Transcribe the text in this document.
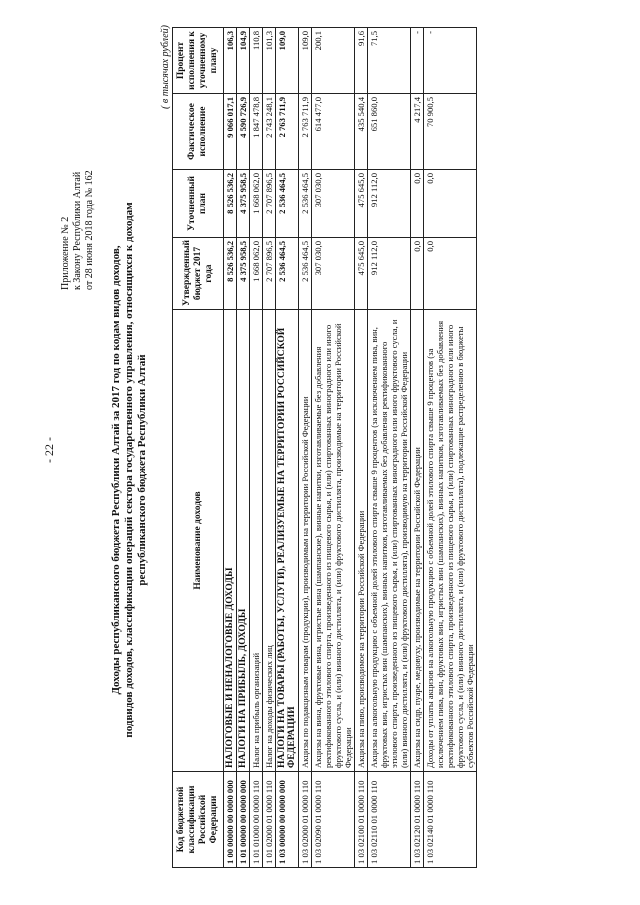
- 22 -
Приложение № 2 к Закону Республики Алтай от 28 июня 2018 года № 162
Доходы республиканского бюджета Республики Алтай за 2017 год по кодам видов доходов, подвидов доходов, классификации операций сектора государственного управления, относящихся к доходам республиканского бюджета Республики Алтай
( в тысячах рублей)
Код бюджетной классификации Российской Федерации	Наименование доходов	Утвержденный бюджет 2017 года	Уточненный план	Фактическое исполнение	Процент исполнения к уточненному плану
1 00 00000 00 0000 000	НАЛОГОВЫЕ И НЕНАЛОГОВЫЕ ДОХОДЫ	8 526 536,2	8 526 536,2	9 066 017,1	106,3
1 01 00000 00 0000 000	НАЛОГИ НА ПРИБЫЛЬ, ДОХОДЫ	4 375 958,5	4 375 958,5	4 590 726,9	104,9
1 01 01000 00 0000 110	Налог на прибыль организаций	1 668 062,0	1 668 062,0	1 847 478,8	110,8
1 01 02000 01 0000 110	Налог на доходы физических лиц	2 707 896,5	2 707 896,5	2 743 248,1	101,3
1 03 00000 00 0000 000	НАЛОГИ НА ТОВАРЫ (РАБОТЫ, УСЛУГИ), РЕАЛИЗУЕМЫЕ НА ТЕРРИТОРИИ РОССИЙСКОЙ ФЕДЕРАЦИИ	2 536 464,5	2 536 464,5	2 763 711,9	109,0
1 03 02000 01 0000 110	Акцизы по подакцизным товарам (продукции), производимым на территории Российской Федерации	2 536 464,5	2 536 464,5	2 763 711,9	109,0
1 03 02090 01 0000 110	Акцизы на вина, фруктовые вина, игристые вина (шампанские), винные напитки, изготавливаемые без добавления ректификованного этилового спирта, произведенного из пищевого сырья, и (или) спиртованных виноградного или иного фруктового сусла, и (или) винного дистиллята, и (или) фруктового дистиллята, производимые на территории Российской Федерации	307 030,0	307 030,0	614 477,0	200,1
1 03 02100 01 0000 110	Акцизы на пиво, производимое на территории Российской Федерации	475 645,0	475 645,0	435 540,4	91,6
1 03 02110 01 0000 110	Акцизы на алкогольную продукцию с объемной долей этилового спирта свыше 9 процентов (за исключением пива, вин, фруктовых вин, игристых вин (шампанских), винных напитков, изготавливаемых без добавления ректификованного этилового спирта, произведенного из пищевого сырья, и (или) спиртованных виноградного или иного фруктового сусла, и (или) винного дистиллята, и (или) фруктового дистиллята), производимую на территории Российской Федерации	912 112,0	912 112,0	651 860,0	71,5
1 03 02120 01 0000 110	Акцизы на сидр, пуаре, медовуху, производимые на территории Российской Федерации	0,0	0,0	4 217,4	-
1 03 02140 01 0000 110	Доходы от уплаты акцизов на алкогольную продукцию с объемной долей этилового спирта свыше 9 процентов (за исключением пива, вин, фруктовых вин, игристых вин (шампанских), винных напитков, изготавливаемых без добавления ректификованного этилового спирта, произведенного из пищевого сырья, и (или) спиртованных виноградного или иного фруктового сусла, и (или) винного дистиллята, и (или) фруктового дистиллята), подлежащие распределению в бюджеты субъектов Российской Федерации	0,0	0,0	70 900,5	-
